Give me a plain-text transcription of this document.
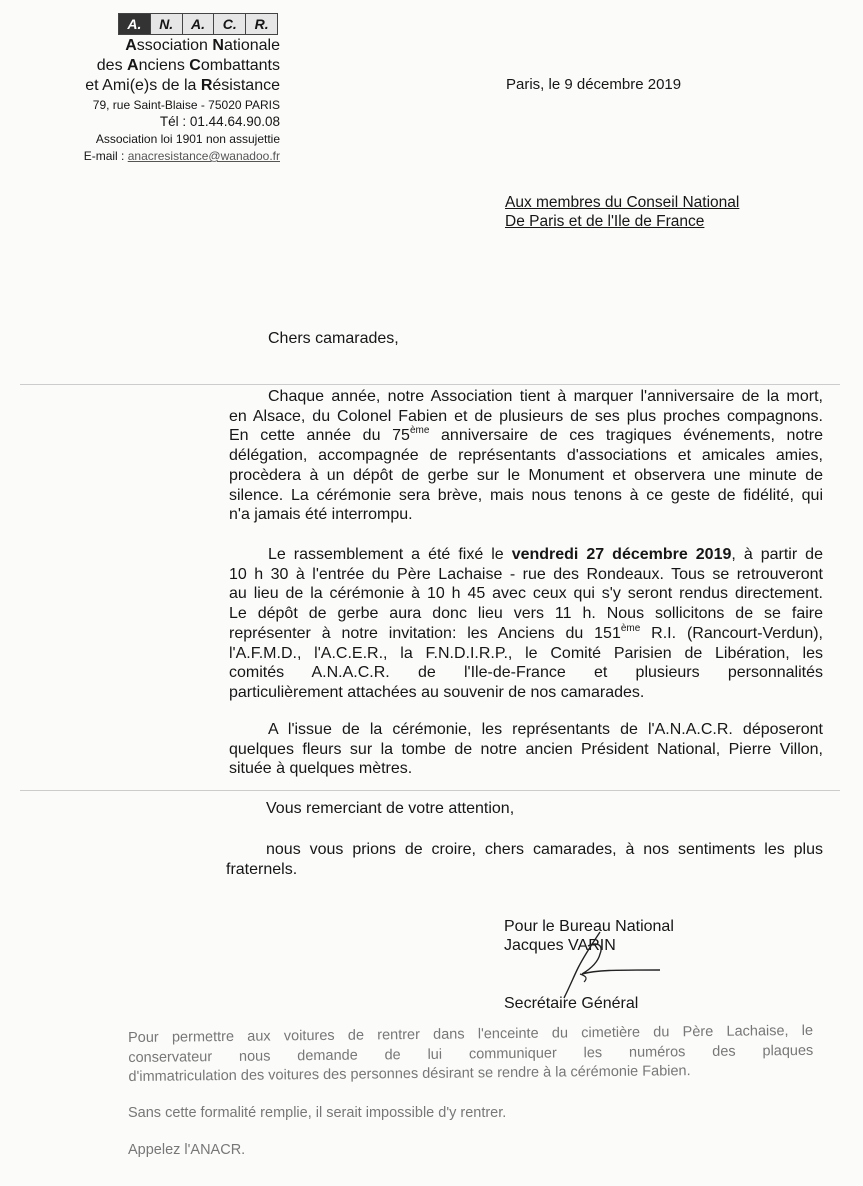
A.	N.	A.	C.	R.
Association Nationale
des Anciens Combattants
et Ami(e)s de la Résistance
79, rue Saint-Blaise - 75020 PARIS
Tél : 01.44.64.90.08
Association loi 1901 non assujettie
E-mail : anacresistance@wanadoo.fr
Paris, le 9 décembre 2019
Aux membres du Conseil National
De Paris et de l'Ile de France
Chers camarades,
Chaque année, notre Association tient à marquer l'anniversaire de la mort,
en Alsace, du Colonel Fabien et de plusieurs de ses plus proches compagnons.
En cette année du 75ème anniversaire de ces tragiques événements, notre
délégation, accompagnée de représentants d'associations et amicales amies,
procèdera à un dépôt de gerbe sur le Monument et observera une minute de
silence. La cérémonie sera brève, mais nous tenons à ce geste de fidélité, qui
n'a jamais été interrompu.
Le rassemblement a été fixé le vendredi 27 décembre 2019, à partir de
10 h 30 à l'entrée du Père Lachaise - rue des Rondeaux. Tous se retrouveront
au lieu de la cérémonie à 10 h 45 avec ceux qui s'y seront rendus directement.
Le dépôt de gerbe aura donc lieu vers 11 h. Nous sollicitons de se faire
représenter à notre invitation: les Anciens du 151ème R.I. (Rancourt-Verdun),
l'A.F.M.D., l'A.C.E.R., la F.N.D.I.R.P., le Comité Parisien de Libération, les
comités A.N.A.C.R. de l'Ile-de-France et plusieurs personnalités
particulièrement attachées au souvenir de nos camarades.
A l'issue de la cérémonie, les représentants de l'A.N.A.C.R. déposeront
quelques fleurs sur la tombe de notre ancien Président National, Pierre Villon,
située à quelques mètres.
Vous remerciant de votre attention,
nous vous prions de croire, chers camarades, à nos sentiments les plus
fraternels.
Pour le Bureau National
Jacques VARIN
Secrétaire Général
Pour permettre aux voitures de rentrer dans l'enceinte du cimetière du Père Lachaise, le
conservateur nous demande de lui communiquer les numéros des plaques
d'immatriculation des voitures des personnes désirant se rendre à la cérémonie Fabien.
Sans cette formalité remplie, il serait impossible d'y rentrer.
Appelez l'ANACR.
